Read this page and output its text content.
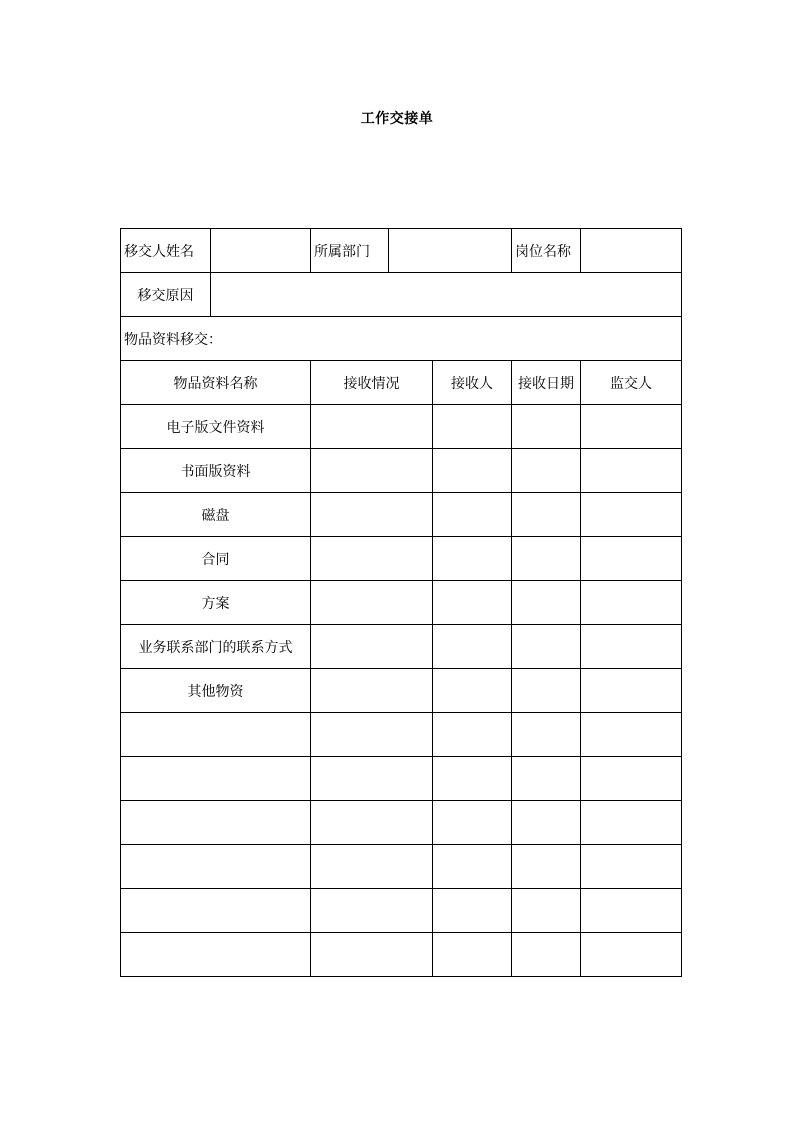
工作交接单
移交人姓名		所属部门			岗位名称	
移交原因						
物品资料移交：						
物品资料名称		接收情况		接收人	接收日期	监交人
电子版文件资料						
书面版资料						
磁盘						
合同						
方案						
业务联系部门的联系方式						
其他物资						
